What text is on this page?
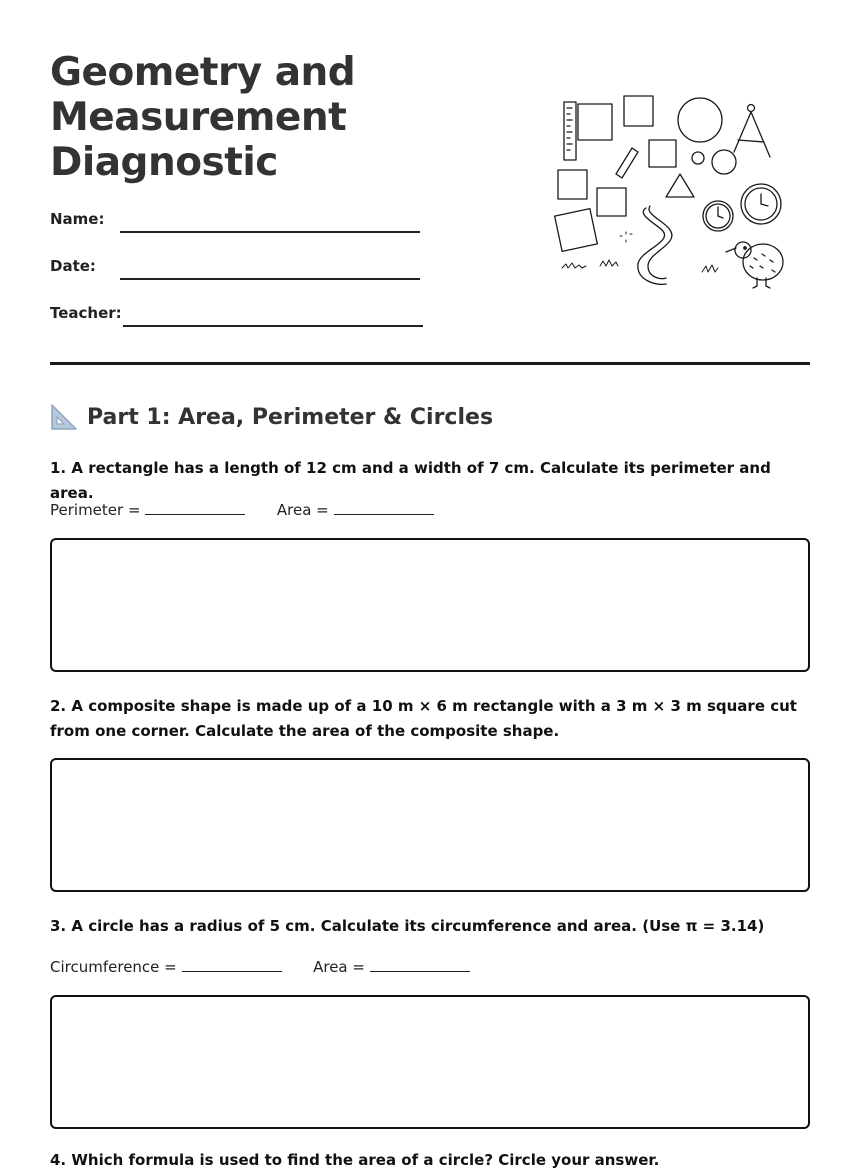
Geometry and
Measurement
Diagnostic
Name:
Date:
Teacher:
Part 1: Area, Perimeter & Circles
1. A rectangle has a length of 12 cm and a width of 7 cm. Calculate its perimeter and area.
Perimeter =	Area =
2. A composite shape is made up of a 10 m × 6 m rectangle with a 3 m × 3 m square cut from one corner. Calculate the area of the composite shape.
3. A circle has a radius of 5 cm. Calculate its circumference and area. (Use π = 3.14)
Circumference =	Area =
4. Which formula is used to find the area of a circle? Circle your answer.
